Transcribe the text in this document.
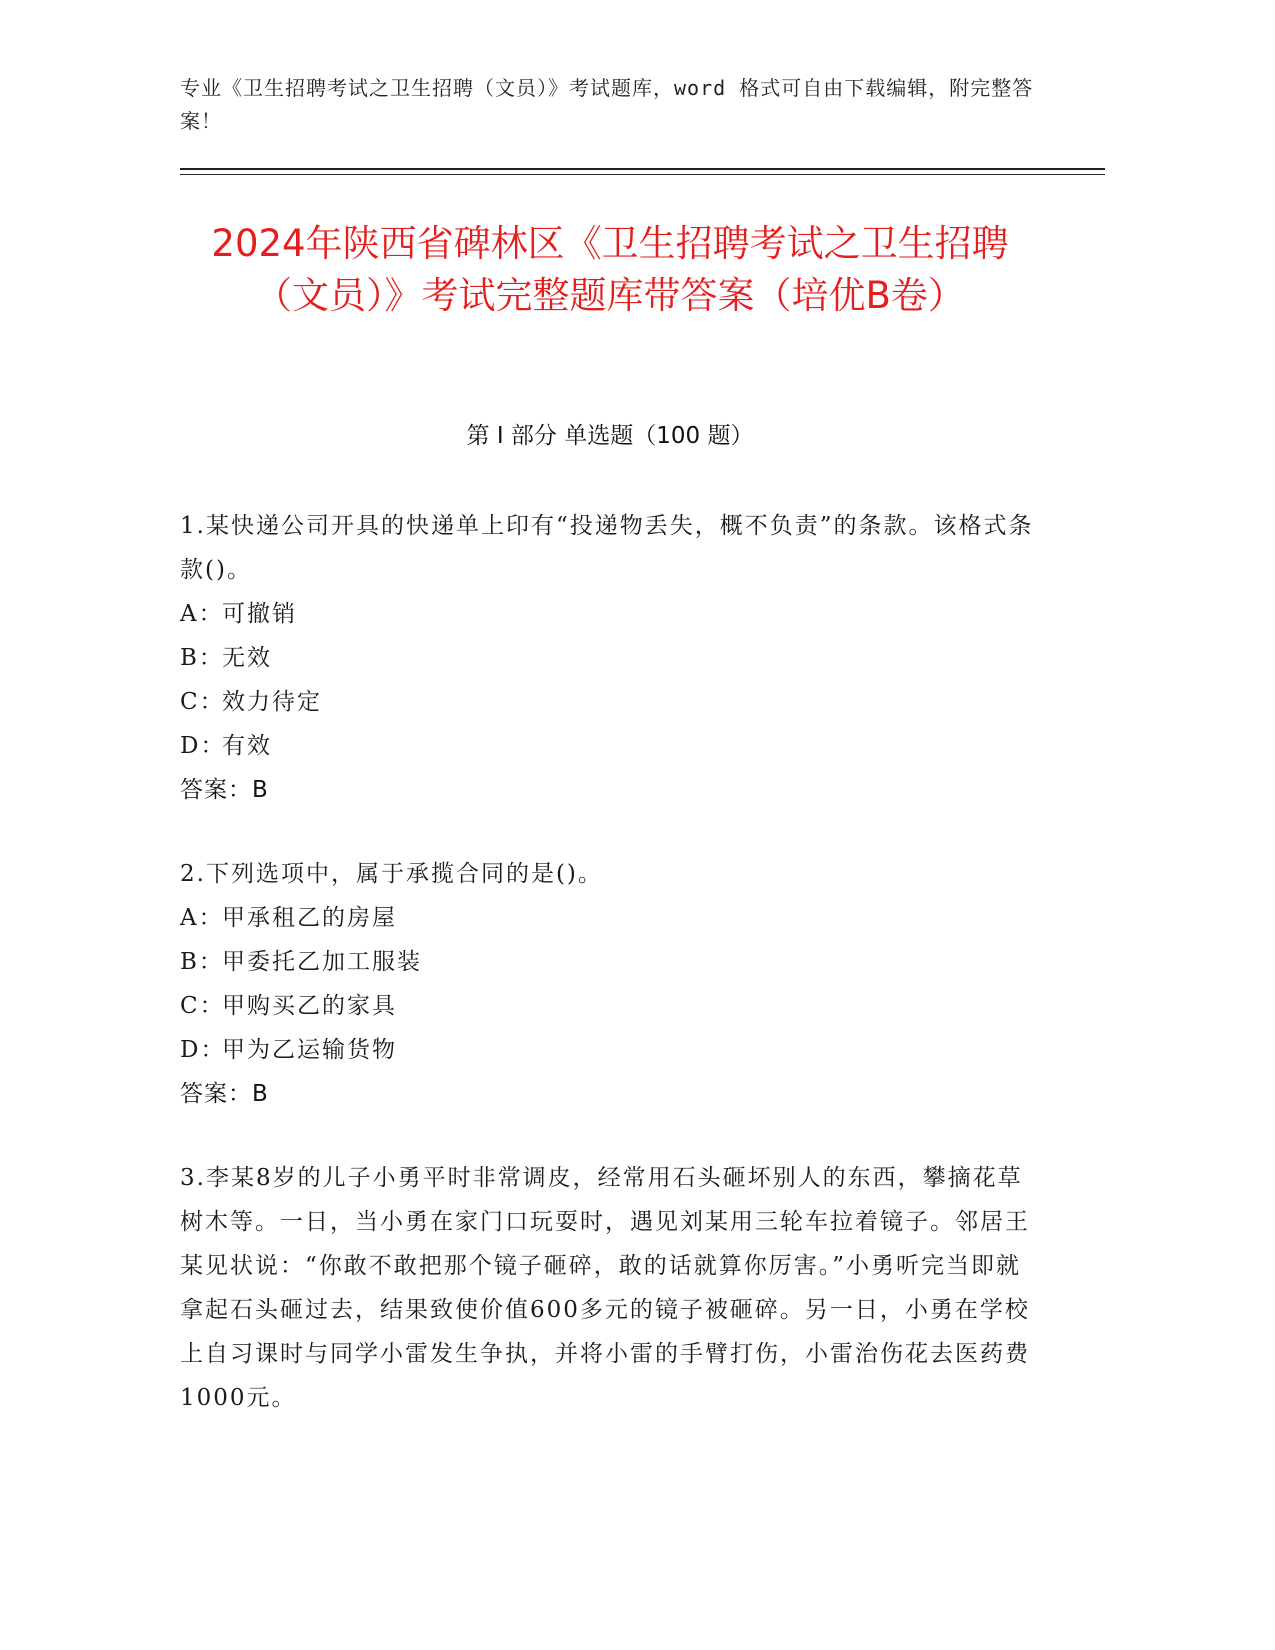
专业《卫生招聘考试之卫生招聘（文员）》考试题库，word 格式可自由下载编辑，附完整答案！
2024年陕西省碑林区《卫生招聘考试之卫生招聘（文员）》考试完整题库带答案（培优B卷）
第 I 部分 单选题（100 题）
1.某快递公司开具的快递单上印有“投递物丢失，概不负责”的条款。该格式条款()。
A：可撤销
B：无效
C：效力待定
D：有效
答案：B
2.下列选项中，属于承揽合同的是()。
A：甲承租乙的房屋
B：甲委托乙加工服装
C：甲购买乙的家具
D：甲为乙运输货物
答案：B
3.李某8岁的儿子小勇平时非常调皮，经常用石头砸坏别人的东西，攀摘花草树木等。一日，当小勇在家门口玩耍时，遇见刘某用三轮车拉着镜子。邻居王某见状说：“你敢不敢把那个镜子砸碎，敢的话就算你厉害。”小勇听完当即就拿起石头砸过去，结果致使价值600多元的镜子被砸碎。另一日，小勇在学校上自习课时与同学小雷发生争执，并将小雷的手臂打伤，小雷治伤花去医药费1000元。
